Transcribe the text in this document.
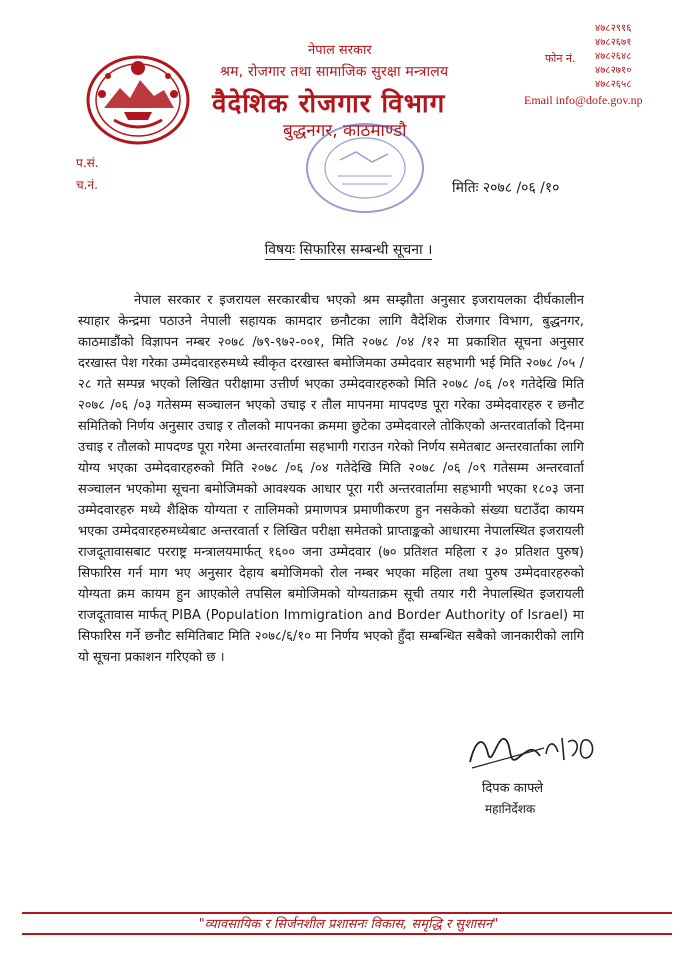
नेपाल सरकार
श्रम, रोजगार तथा सामाजिक सुरक्षा मन्त्रालय
वैदेशिक रोजगार विभाग
बुद्धनगर, काठमाण्डौ
फोन नं.
४७८२९१६
४७८२६७१
४७८२६४८
४७८२७१०
४७८२६५८
Email info@dofe.gov.np
प.सं.
च.नं.	मितिः २०७८ /०६ /१०
विषयः सिफारिस सम्बन्धी सूचना ।

नेपाल सरकार र इजरायल सरकारबीच भएको श्रम सम्झौता अनुसार इजरायलका दीर्घकालीन स्याहार केन्द्रमा पठाउने नेपाली सहायक कामदार छनौटका लागि वैदेशिक रोजगार विभाग, बुद्धनगर, काठमाडौंको विज्ञापन नम्बर २०७८ /७९-९७२-००१, मिति २०७८ /०४ /१२ मा प्रकाशित सूचना अनुसार दरखास्त पेश गरेका उम्मेदवारहरुमध्ये स्वीकृत दरखास्त बमोजिमका उम्मेदवार सहभागी भई मिति २०७८ /०५ /२८ गते सम्पन्न भएको लिखित परीक्षामा उत्तीर्ण भएका उम्मेदवारहरुको मिति २०७८ /०६ /०१ गतेदेखि मिति २०७८ /०६ /०३ गतेसम्म सञ्चालन भएको उचाइ र तौल मापनमा मापदण्ड पूरा गरेका उम्मेदवारहरु र छनौट समितिको निर्णय अनुसार उचाइ र तौलको मापनका क्रममा छुटेका उम्मेदवारले तोकिएको अन्तरवार्ताको दिनमा उचाइ र तौलको मापदण्ड पूरा गरेमा अन्तरवार्तामा सहभागी गराउन गरेको निर्णय समेतबाट अन्तरवार्ताका लागि योग्य भएका उम्मेदवारहरुको मिति २०७८ /०६ /०४ गतेदेखि मिति २०७८ /०६ /०९ गतेसम्म अन्तरवार्ता सञ्चालन भएकोमा सूचना बमोजिमको आवश्यक आधार पूरा गरी अन्तरवार्तामा सहभागी भएका १८०३ जना उम्मेदवारहरु मध्ये शैक्षिक योग्यता र तालिमको प्रमाणपत्र प्रमाणीकरण हुन नसकेको संख्या घटाउँदा कायम भएका उम्मेदवारहरुमध्येबाट अन्तरवार्ता र लिखित परीक्षा समेतको प्राप्ताङ्कको आधारमा नेपालस्थित इजरायली राजदूतावासबाट परराष्ट्र मन्त्रालयमार्फत् १६०० जना उम्मेदवार (७० प्रतिशत महिला र ३० प्रतिशत पुरुष) सिफारिस गर्न माग भए अनुसार देहाय बमोजिमको रोल नम्बर भएका महिला तथा पुरुष उम्मेदवारहरुको योग्यता क्रम कायम हुन आएकोले तपसिल बमोजिमको योग्यताक्रम सूची तयार गरी नेपालस्थित इजरायली राजदूतावास मार्फत् PIBA (Population Immigration and Border Authority of Israel) मा सिफारिस गर्ने छनौट समितिबाट मिति २०७८/६/१० मा निर्णय भएको हुँदा सम्बन्धित सबैको जानकारीको लागि यो सूचना प्रकाशन गरिएको छ ।

दिपक काफ्ले
महानिर्देशक
"व्यावसायिक र सिर्जनशील प्रशासनः विकास, समृद्धि र सुशासन"
